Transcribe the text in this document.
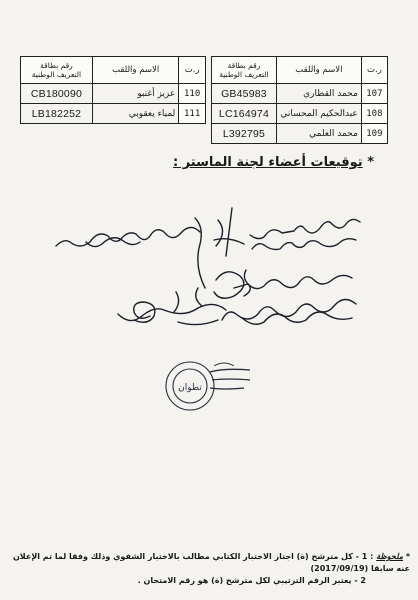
ر.ت	الاسم واللقب	رقم بطاقة
التعريف الوطنية

107	محمد القطاري	GB45983
108	عبدالحكيم المحساني	LC164974
109	محمد العلمي	L392795
ر.ت	الاسم واللقب	رقم بطاقة
التعريف الوطنية

110	عزيز أغنبو	CB180090
111	لمياء يعقوبي	LB182252
* توقيعات أعضاء لجنة الماستر :
تطوان
* ملحوظة : 1 - كل مترشح (ة) اجتاز الاختبار الكتابي مطالب بالاختبار الشفوي وذلك وفقا لما تم الإعلان عنه سابقا (2017/09/19)
2 - يعتبر الرقم الترتيبي لكل مترشح (ة) هو رقم الامتحان .
